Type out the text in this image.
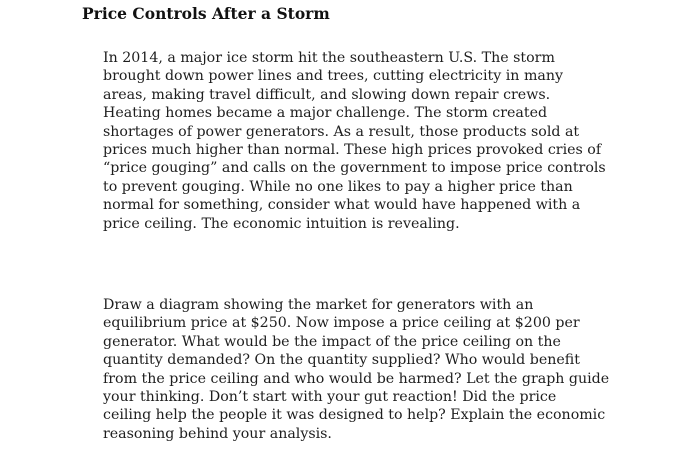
Price Controls After a Storm

In 2014, a major ice storm hit the southeastern U.S. The storm
brought down power lines and trees, cutting electricity in many
areas, making travel difficult, and slowing down repair crews.
Heating homes became a major challenge. The storm created
shortages of power generators. As a result, those products sold at
prices much higher than normal. These high prices provoked cries of
“price gouging” and calls on the government to impose price controls
to prevent gouging. While no one likes to pay a higher price than
normal for something, consider what would have happened with a
price ceiling. The economic intuition is revealing.

Draw a diagram showing the market for generators with an
equilibrium price at $250. Now impose a price ceiling at $200 per
generator. What would be the impact of the price ceiling on the
quantity demanded? On the quantity supplied? Who would benefit
from the price ceiling and who would be harmed? Let the graph guide
your thinking. Don’t start with your gut reaction! Did the price
ceiling help the people it was designed to help? Explain the economic
reasoning behind your analysis.
